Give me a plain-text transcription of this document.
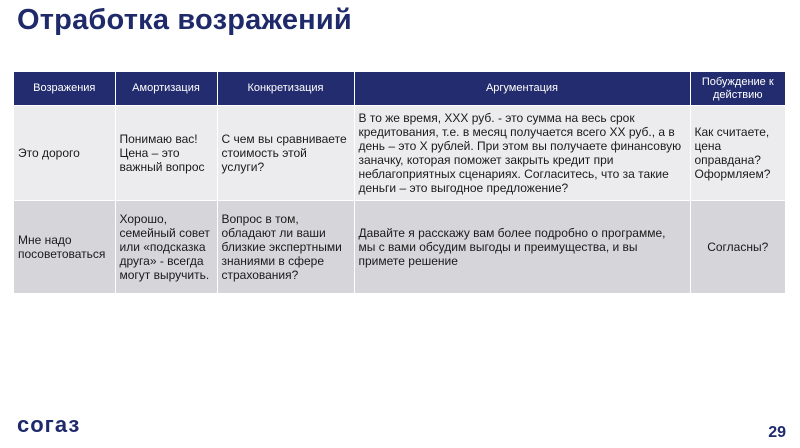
Отработка возражений
Возражения	Амортизация	Конкретизация	Аргументация	Побуждение к действию
Это дорого	Понимаю вас! Цена – это важный вопрос	С чем вы сравниваете стоимость этой услуги?	В то же время, ХХХ руб. - это сумма на весь срок кредитования, т.е. в месяц получается всего ХХ руб., а в день – это Х рублей. При этом вы получаете финансовую заначку, которая поможет закрыть кредит при неблагоприятных сценариях. Согласитесь, что за такие деньги – это выгодное предложение?	Как считаете, цена оправдана? Оформляем?
Мне надо посоветоваться	Хорошо, семейный совет или «подсказка друга» - всегда могут выручить.	Вопрос в том, обладают ли ваши близкие экспертными знаниями в сфере страхования?	Давайте я расскажу вам более подробно о программе, мы с вами обсудим выгоды и преимущества, и вы примете решение	Согласны?
согаз	29
